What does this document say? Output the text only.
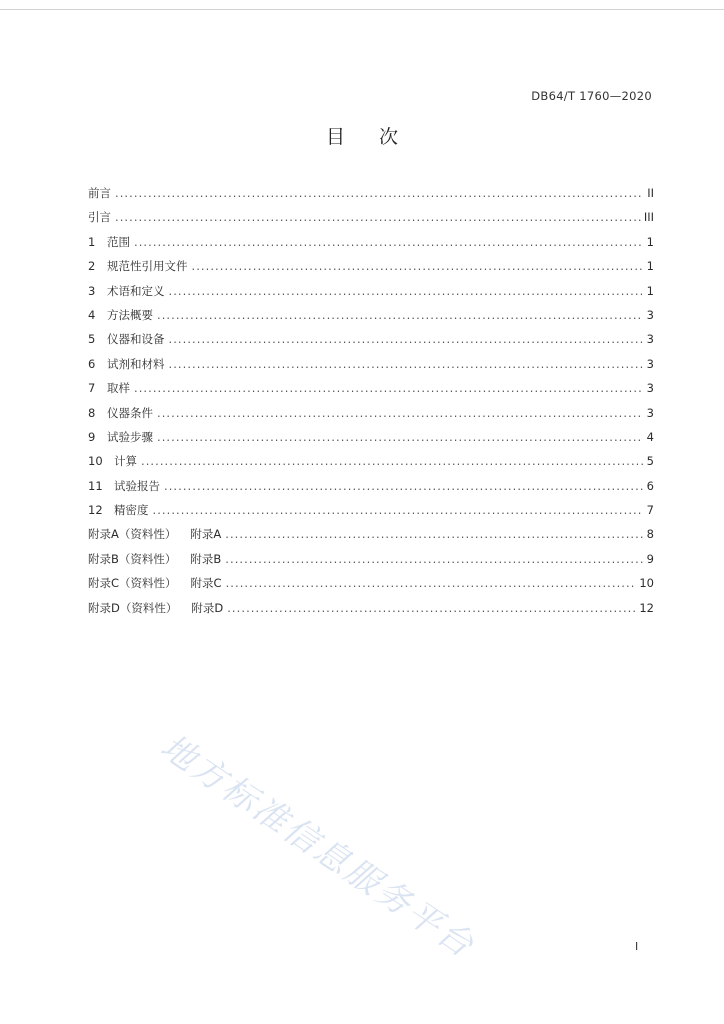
DB64/T 1760—2020
目次
前言 . . .	II
引言 . . .	III
1	范围 . . .	1
2	规范性引用文件 . . .	1
3	术语和定义 . . .	1
4	方法概要 . . .	3
5	仪器和设备 . . .	3
6	试剂和材料 . . .	3
7	取样 . . .	3
8	仪器条件 . . .	3
9	试验步骤 . . .	4
10 计算 . . .	5
11 试验报告 . . .	6
12 精密度 . . .	7
附录A（资料性） 附录A . . .	8
附录B（资料性） 附录B . . .	9
附录C（资料性） 附录C . . .	10
附录D（资料性） 附录D . . .	12
地方标准信息服务平台	I
